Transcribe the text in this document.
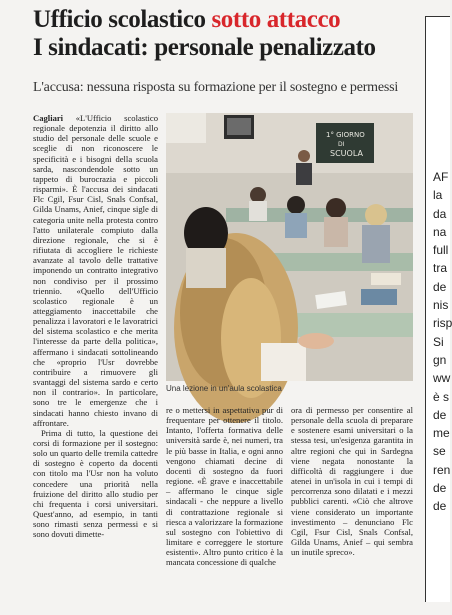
Ufficio scolastico sotto attacco
I sindacati: personale penalizzato
L'accusa: nessuna risposta su formazione per il sostegno e permessi

Cagliari «L'Ufficio scolastico regionale depotenzia il diritto allo studio del personale delle scuole e sceglie di non riconoscere le specificità e i bisogni della scuola sarda, nascondendole sotto un tappeto di burocrazia e piccoli risparmi». È l'accusa dei sindacati Flc Cgil, Fsur Cisl, Snals Confsal, Gilda Unams, Anief, cinque sigle di categoria unite nella protesta contro l'atto unilaterale compiuto dalla direzione regionale, che si è rifiutata di accogliere le richieste avanzate al tavolo delle trattative imponendo un contratto integrativo non condiviso per il prossimo triennio. «Quello dell'Ufficio scolastico regionale è un atteggiamento inaccettabile che penalizza i lavoratori e le lavoratrici del sistema scolastico e che merita l'interesse da parte della politica», affermano i sindacati sottolineando che «proprio l'Usr dovrebbe contribuire a rimuovere gli svantaggi del sistema sardo e certo non il contrario». In particolare, sono tre le emergenze che i sindacati hanno chiesto invano di affrontare.

Prima di tutto, la questione dei corsi di formazione per il sostegno: solo un quarto delle tremila cattedre di sostegno è coperto da docenti con titolo ma l'Usr non ha voluto concedere una priorità nella fruizione del diritto allo studio per chi frequenta i corsi universitari. Quest'anno, ad esempio, in tanti sono rimasti senza permessi e si sono dovuti dimette-

1° GIORNO
DI
SCUOLA
Una lezione in un'aula scolastica

re o mettersi in aspettativa pur di frequentare per ottenere il titolo. Intanto, l'offerta formativa delle università sarde è, nei numeri, tra le più basse in Italia, e ogni anno vengono chiamati decine di docenti di sostegno da fuori regione. «È grave e inaccettabile – affermano le cinque sigle sindacali - che neppure a livello di contrattazione regionale si riesca a valorizzare la formazione sul sostegno con l'obiettivo di limitare e correggere le storture esistenti». Altro punto critico è la mancata concessione di qualche

ora di permesso per consentire al personale della scuola di preparare e sostenere esami universitari o la stessa tesi, un'esigenza garantita in altre regioni che qui in Sardegna viene negata nonostante la difficoltà di raggiungere i due atenei in un'isola in cui i tempi di percorrenza sono dilatati e i mezzi pubblici carenti. «Ciò che altrove viene considerato un importante investimento – denunciano Flc Cgil, Fsur Cisl, Snals Confsal, Gilda Unams, Anief – qui sembra un inutile spreco».

AF
la
da
na
full
tra
de
nis
risp
Si
gn
ww
è s
de
me
se
ren
de
de
